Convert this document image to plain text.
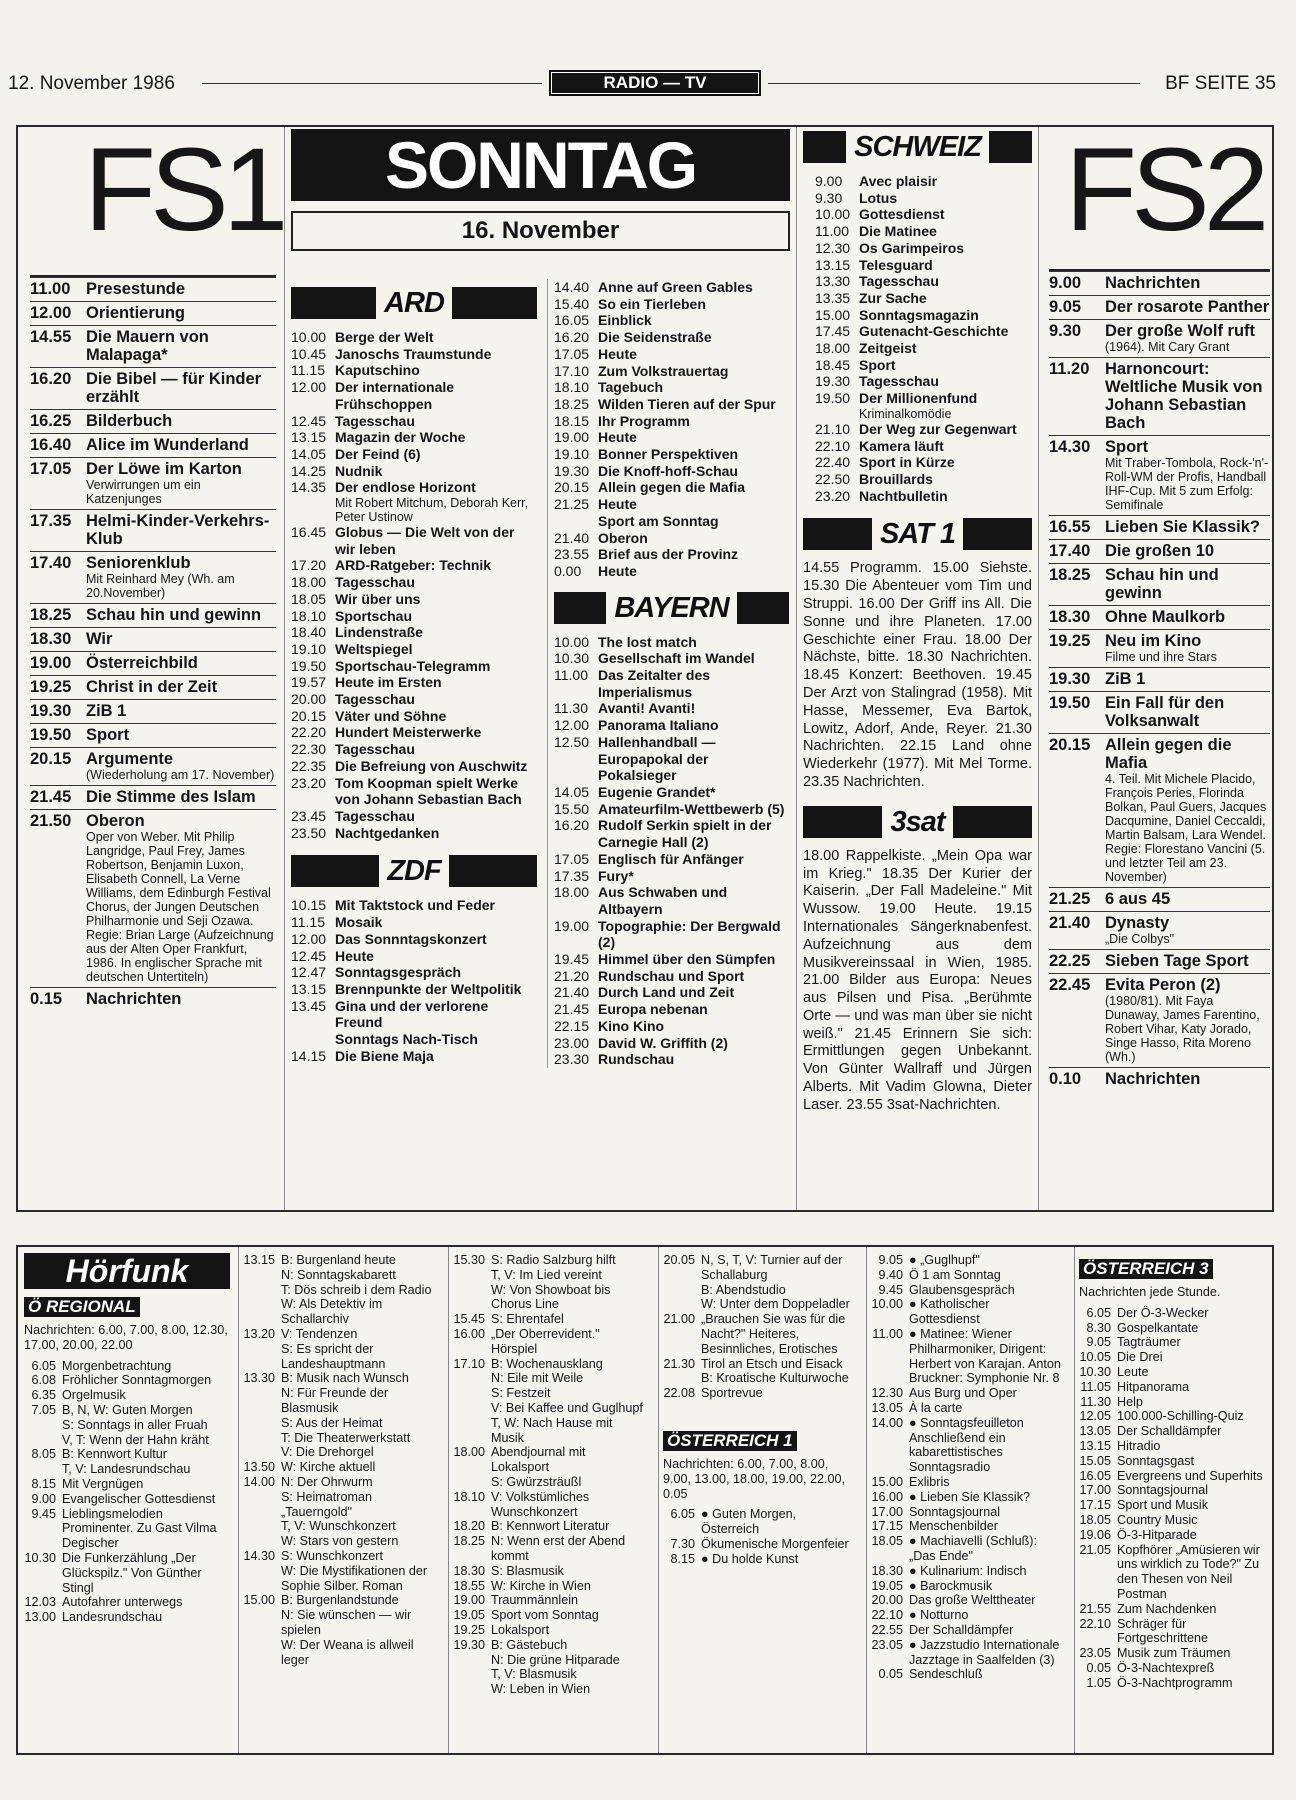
12. November 1986	RADIO — TV	BF SEITE 35
FS1
11.00 Presestunde
12.00 Orientierung
14.55 Die Mauern von Malapaga*
16.20 Die Bibel — für Kinder erzählt
16.25 Bilderbuch
16.40 Alice im Wunderland
17.05 Der Löwe im Karton
Verwirrungen um ein Katzenjunges
17.35 Helmi-Kinder-Verkehrs-Klub
17.40 Seniorenklub
Mit Reinhard Mey (Wh. am 20.November)
18.25 Schau hin und gewinn
18.30 Wir
19.00 Österreichbild
19.25 Christ in der Zeit
19.30 ZiB 1
19.50 Sport
20.15 Argumente
(Wiederholung am 17. November)
21.45 Die Stimme des Islam
21.50 Oberon
Oper von Weber. Mit Philip Langridge, Paul Frey, James Robertson, Benjamin Luxon, Elisabeth Connell, La Verne Williams, dem Edinburgh Festival Chorus, der Jungen Deutschen Philharmonie und Seji Ozawa. Regie: Brian Large (Aufzeichnung aus der Alten Oper Frankfurt, 1986. In englischer Sprache mit deutschen Untertiteln)
0.15	Nachrichten
SONNTAG
16. November
ARD
10.00 Berge der Welt
10.45 Janoschs Traumstunde
11.15 Kaputschino
12.00 Der internationale Frühschoppen
12.45 Tagesschau
13.15 Magazin der Woche
14.05 Der Feind (6)
14.25 Nudnik
14.35 Der endlose Horizont
Mit Robert Mitchum, Deborah Kerr, Peter Ustinow
16.45 Globus — Die Welt von der wir leben
17.20 ARD-Ratgeber: Technik
18.00 Tagesschau
18.05 Wir über uns
18.10 Sportschau
18.40 Lindenstraße
19.10 Weltspiegel
19.50 Sportschau-Telegramm
19.57 Heute im Ersten
20.00 Tagesschau
20.15 Väter und Söhne
22.20 Hundert Meisterwerke
22.30 Tagesschau
22.35 Die Befreiung von Auschwitz
23.20 Tom Koopman spielt Werke von Johann Sebastian Bach
23.45 Tagesschau
23.50 Nachtgedanken
ZDF
10.15 Mit Taktstock und Feder
11.15 Mosaik
12.00 Das Sonnntagskonzert
12.45 Heute
12.47 Sonntagsgespräch
13.15 Brennpunkte der Weltpolitik
13.45 Gina und der verlorene Freund
Sonntags Nach-Tisch
14.15 Die Biene Maja
14.40 Anne auf Green Gables
15.40 So ein Tierleben
16.05 Einblick
16.20 Die Seidenstraße
17.05 Heute
17.10 Zum Volkstrauertag
18.10 Tagebuch
18.25 Wilden Tieren auf der Spur
18.15 Ihr Programm
19.00 Heute
19.10 Bonner Perspektiven
19.30 Die Knoff-hoff-Schau
20.15 Allein gegen die Mafia
21.25 Heute
Sport am Sonntag
21.40 Oberon
23.55 Brief aus der Provinz
0.00	Heute
BAYERN
10.00 The lost match
10.30 Gesellschaft im Wandel
11.00 Das Zeitalter des Imperialismus
11.30 Avanti! Avanti!
12.00 Panorama Italiano
12.50 Hallenhandball — Europapokal der Pokalsieger
14.05 Eugenie Grandet*
15.50 Amateurfilm-Wettbewerb (5)
16.20 Rudolf Serkin spielt in der Carnegie Hall (2)
17.05 Englisch für Anfänger
17.35 Fury*
18.00 Aus Schwaben und Altbayern
19.00 Topographie: Der Bergwald (2)
19.45 Himmel über den Sümpfen
21.20 Rundschau und Sport
21.40 Durch Land und Zeit
21.45 Europa nebenan
22.15 Kino Kino
23.00 David W. Griffith (2)
23.30 Rundschau
SCHWEIZ
9.00	Avec plaisir
9.30	Lotus
10.00 Gottesdienst
11.00 Die Matinee
12.30 Os Garimpeiros
13.15 Telesguard
13.30 Tagesschau
13.35 Zur Sache
15.00 Sonntagsmagazin
17.45 Gutenacht-Geschichte
18.00 Zeitgeist
18.45 Sport
19.30 Tagesschau
19.50 Der Millionenfund
Kriminalkomödie
21.10 Der Weg zur Gegenwart
22.10 Kamera läuft
22.40 Sport in Kürze
22.50 Brouillards
23.20 Nachtbulletin
SAT 1
14.55 Programm. 15.00 Siehste. 15.30 Die Abenteuer vom Tim und Struppi. 16.00 Der Griff ins All. Die Sonne und ihre Planeten. 17.00 Geschichte einer Frau. 18.00 Der Nächste, bitte. 18.30 Nachrichten. 18.45 Konzert: Beethoven. 19.45 Der Arzt von Stalingrad (1958). Mit Hasse, Messemer, Eva Bartok, Lowitz, Adorf, Ande, Reyer. 21.30 Nachrichten. 22.15 Land ohne Wiederkehr (1977). Mit Mel Torme. 23.35 Nachrichten.
3sat
18.00 Rappelkiste. „Mein Opa war im Krieg." 18.35 Der Kurier der Kaiserin. „Der Fall Madeleine." Mit Wussow. 19.00 Heute. 19.15 Internationales Sängerknabenfest. Aufzeichnung aus dem Musikvereinssaal in Wien, 1985. 21.00 Bilder aus Europa: Neues aus Pilsen und Pisa. „Berühmte Orte — und was man über sie nicht weiß." 21.45 Erinnern Sie sich: Ermittlungen gegen Unbekannt. Von Günter Wallraff und Jürgen Alberts. Mit Vadim Glowna, Dieter Laser. 23.55 3sat-Nachrichten.
FS2
9.00	Nachrichten
9.05	Der rosarote Panther
9.30	Der große Wolf ruft
(1964). Mit Cary Grant
11.20 Harnoncourt: Weltliche Musik von Johann Sebastian Bach
14.30 Sport
Mit Traber-Tombola, Rock-'n'-Roll-WM der Profis, Handball IHF-Cup. Mit 5 zum Erfolg: Semifinale
16.55 Lieben Sie Klassik?
17.40 Die großen 10
18.25 Schau hin und gewinn
18.30 Ohne Maulkorb
19.25 Neu im Kino
Filme und ihre Stars
19.30 ZiB 1
19.50 Ein Fall für den Volksanwalt
20.15 Allein gegen die Mafia
4. Teil. Mit Michele Placido, François Peries, Florinda Bolkan, Paul Guers, Jacques Dacqumine, Daniel Ceccaldi, Martin Balsam, Lara Wendel. Regie: Florestano Vancini (5. und letzter Teil am 23. November)
21.25 6 aus 45
21.40 Dynasty
„Die Colbys"
22.25 Sieben Tage Sport
22.45 Evita Peron (2)
(1980/81). Mit Faya Dunaway, James Farentino, Robert Vihar, Katy Jorado, Singe Hasso, Rita Moreno (Wh.)
0.10	Nachrichten
Hörfunk
Ö REGIONAL
Nachrichten: 6.00, 7.00, 8.00, 12.30, 17.00, 20.00, 22.00
6.05 Morgenbetrachtung
6.08 Fröhlicher Sonntagmorgen
6.35 Orgelmusik
7.05 B, N, W: Guten Morgen
S: Sonntags in aller Fruah
V, T: Wenn der Hahn kräht
8.05 B: Kennwort Kultur
T, V: Landesrundschau
8.15 Mit Vergnügen
9.00 Evangelischer Gottesdienst
9.45 Lieblingsmelodien Prominenter. Zu Gast Vilma Degischer
10.30 Die Funkerzählung „Der Glückspilz." Von Günther Stingl
12.03 Autofahrer unterwegs
13.00 Landesrundschau
13.15 B: Burgenland heute
N: Sonntagskabarett
T: Dös schreib i dem Radio
W: Als Detektiv im Schallarchiv
13.20 V: Tendenzen
S: Es spricht der Landeshauptmann
13.30 B: Musik nach Wunsch
N: Für Freunde der Blasmusik
S: Aus der Heimat
T: Die Theaterwerkstatt
V: Die Drehorgel
13.50 W: Kirche aktuell
14.00 N: Der Ohrwurm
S: Heimatroman „Tauerngold"
T, V: Wunschkonzert
W: Stars von gestern
14.30 S: Wunschkonzert
W: Die Mystifikationen der Sophie Silber. Roman
15.00 B: Burgenlandstunde
N: Sie wünschen — wir spielen
W: Der Weana is allweil leger
15.30 S: Radio Salzburg hilft
T, V: Im Lied vereint
W: Von Showboat bis Chorus Line
15.45 S: Ehrentafel
16.00 „Der Oberrevident." Hörspiel
17.10 B: Wochenausklang
N: Eile mit Weile
S: Festzeit
V: Bei Kaffee und Guglhupf
T, W: Nach Hause mit Musik
18.00 Abendjournal mit Lokalsport
S: Gwürzsträußl
18.10 V: Volkstümliches Wunschkonzert
18.20 B: Kennwort Literatur
18.25 N: Wenn erst der Abend kommt
18.30 S: Blasmusik
18.55 W: Kirche in Wien
19.00 Traummännlein
19.05 Sport vom Sonntag
19.25 Lokalsport
19.30 B: Gästebuch
N: Die grüne Hitparade
T, V: Blasmusik
W: Leben in Wien
20.05 N, S, T, V: Turnier auf der Schallaburg
B: Abendstudio
W: Unter dem Doppeladler
21.00 „Brauchen Sie was für die Nacht?" Heiteres, Besinnliches, Erotisches
21.30 Tirol an Etsch und Eisack
B: Kroatische Kulturwoche
22.08 Sportrevue
ÖSTERREICH 1
Nachrichten: 6.00, 7.00, 8.00, 9.00, 13.00, 18.00, 19.00, 22.00, 0.05
6.05 ● Guten Morgen, Österreich
7.30 Ökumenische Morgenfeier
8.15 ● Du holde Kunst
9.05 ● „Guglhupf"
9.40 Ö 1 am Sonntag
9.45 Glaubensgespräch
10.00 ● Katholischer Gottesdienst
11.00 ● Matinee: Wiener Philharmoniker, Dirigent: Herbert von Karajan. Anton Bruckner: Symphonie Nr. 8
12.30 Aus Burg und Oper
13.05 À la carte
14.00 ● Sonntagsfeuilleton Anschließend ein kabarettistisches Sonntagsradio
15.00 Exlibris
16.00 ● Lieben Sie Klassik?
17.00 Sonntagsjournal
17.15 Menschenbilder
18.05 ● Machiavelli (Schluß): „Das Ende"
18.30 ● Kulinarium: Indisch
19.05 ● Barockmusik
20.00 Das große Welttheater
22.10 ● Notturno
22.55 Der Schalldämpfer
23.05 ● Jazzstudio Internationale Jazztage in Saalfelden (3)
0.05 Sendeschluß
ÖSTERREICH 3
Nachrichten jede Stunde.
6.05 Der Ö-3-Wecker
8.30 Gospelkantate
9.05 Tagträumer
10.05 Die Drei
10.30 Leute
11.05 Hitpanorama
11.30 Help
12.05 100.000-Schilling-Quiz
13.05 Der Schalldämpfer
13.15 Hitradio
15.05 Sonntagsgast
16.05 Evergreens und Superhits
17.00 Sonntagsjournal
17.15 Sport und Musik
18.05 Country Music
19.06 Ö-3-Hitparade
21.05 Kopfhörer „Amüsieren wir uns wirklich zu Tode?" Zu den Thesen von Neil Postman
21.55 Zum Nachdenken
22.10 Schräger für Fortgeschrittene
23.05 Musik zum Träumen
0.05 Ö-3-Nachtexpreß
1.05 Ö-3-Nachtprogramm
